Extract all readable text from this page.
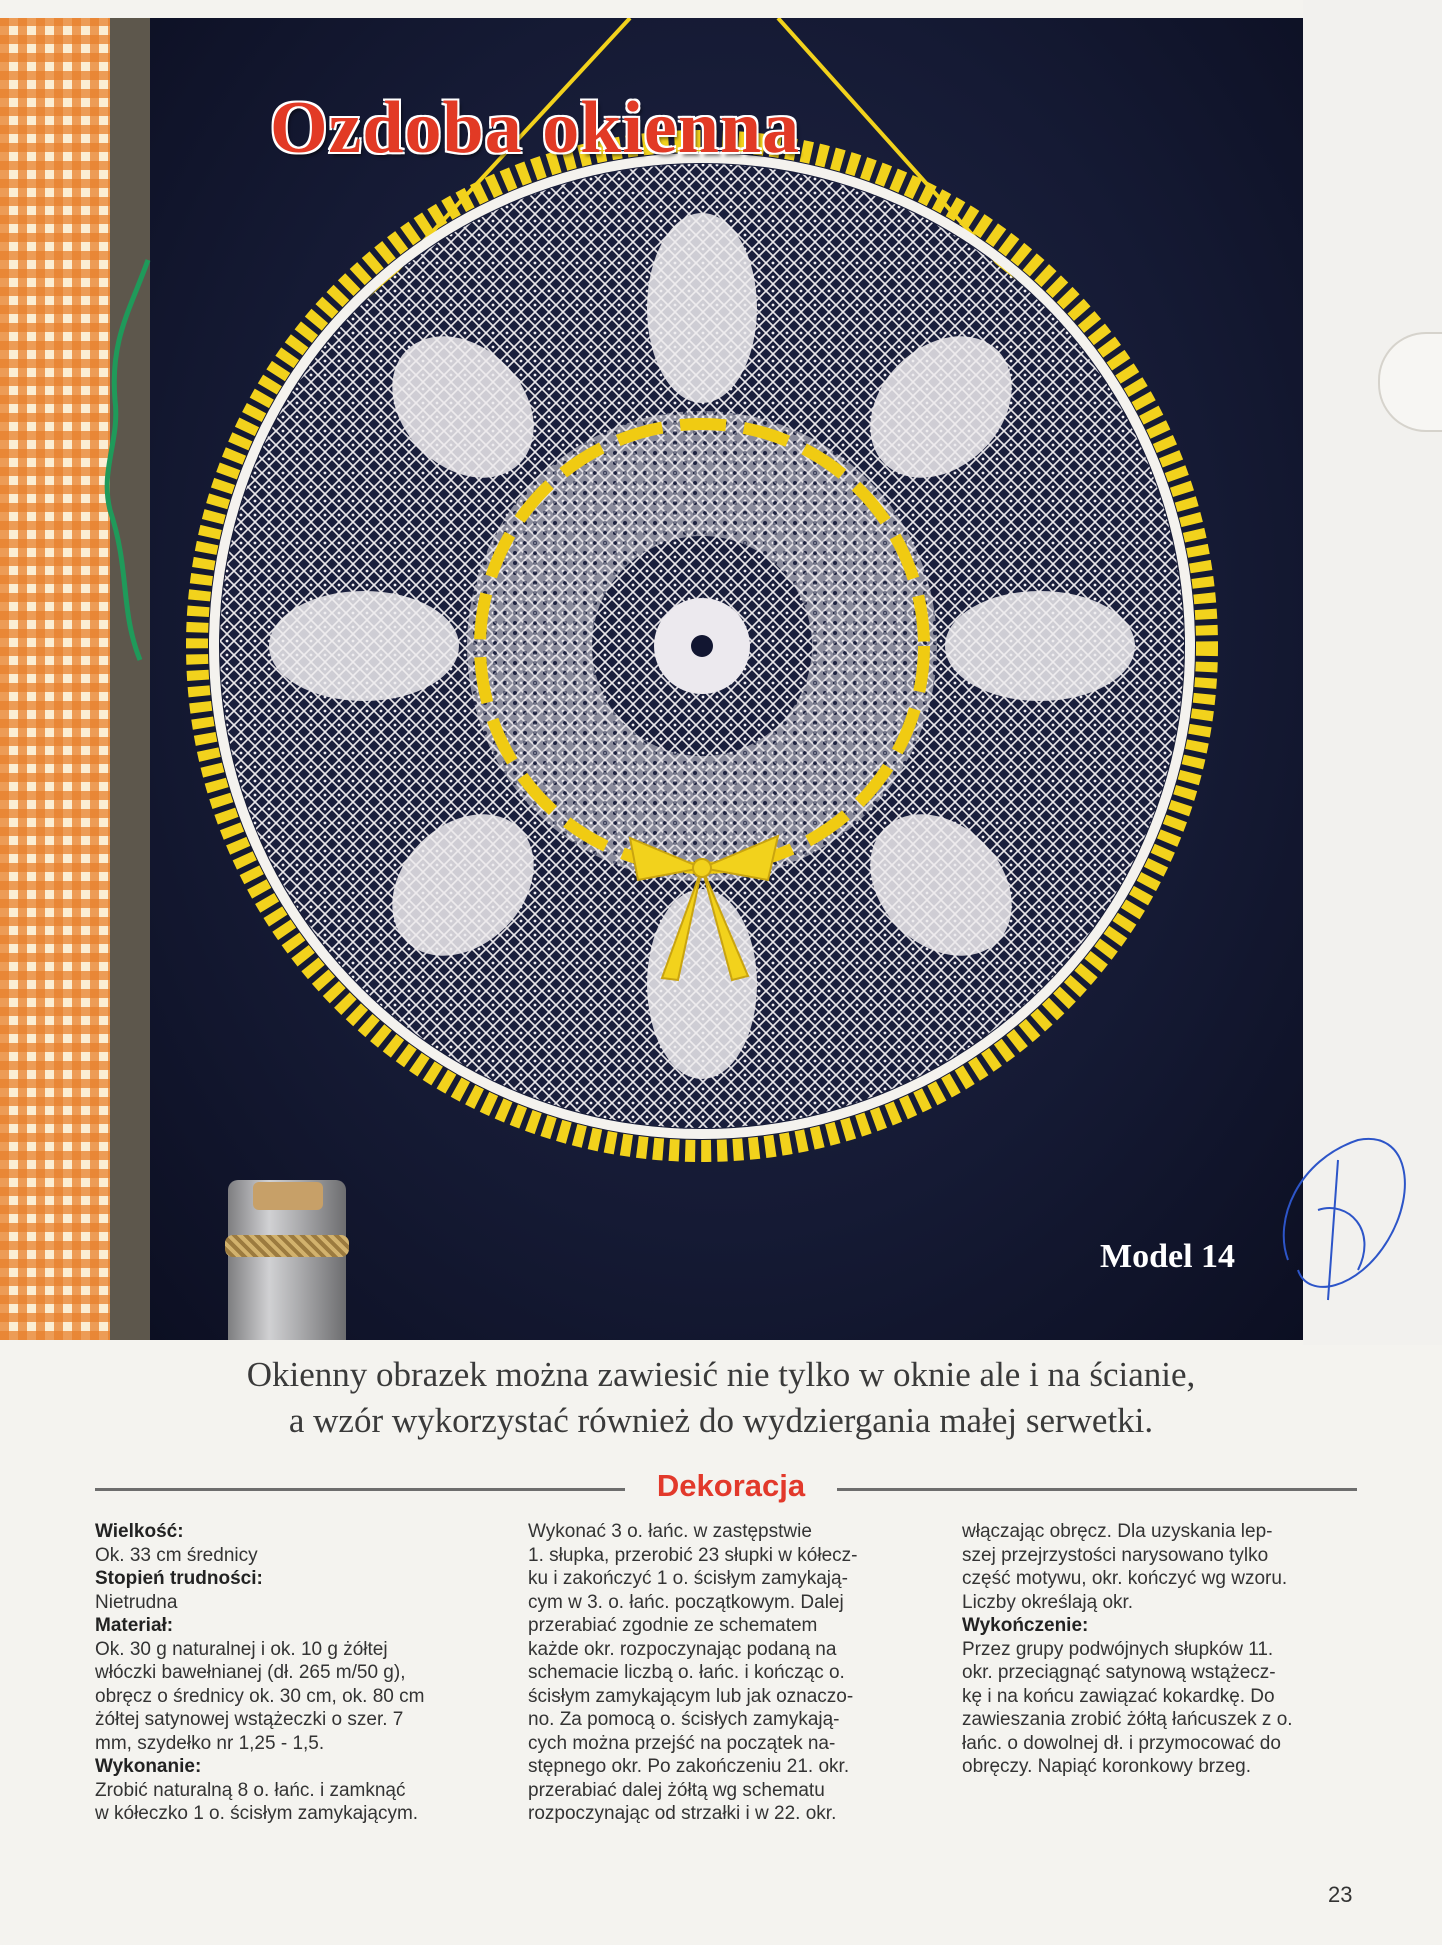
Ozdoba okienna
Model 14
Okienny obrazek można zawiesić nie tylko w oknie ale i na ścianie,
a wzór wykorzystać również do wydziergania małej serwetki.
Dekoracja

Wielkość:

Ok. 33 cm średnicy

Stopień trudności:

Nietrudna

Materiał:

Ok. 30 g naturalnej i ok. 10 g żółtej

włóczki bawełnianej (dł. 265 m/50 g),

obręcz o średnicy ok. 30 cm, ok. 80 cm

żółtej satynowej wstążeczki o szer. 7

mm, szydełko nr 1,25 - 1,5.

Wykonanie:

Zrobić naturalną 8 o. łańc. i zamknąć

w kółeczko 1 o. ścisłym zamykającym.

Wykonać 3 o. łańc. w zastępstwie

1. słupka, przerobić 23 słupki w kółecz-

ku i zakończyć 1 o. ścisłym zamykają-

cym w 3. o. łańc. początkowym. Dalej

przerabiać zgodnie ze schematem

każde okr. rozpoczynając podaną na

schemacie liczbą o. łańc. i kończąc o.

ścisłym zamykającym lub jak oznaczo-

no. Za pomocą o. ścisłych zamykają-

cych można przejść na początek na-

stępnego okr. Po zakończeniu 21. okr.

przerabiać dalej żółtą wg schematu

rozpoczynając od strzałki i w 22. okr.

włączając obręcz. Dla uzyskania lep-

szej przejrzystości narysowano tylko

część motywu, okr. kończyć wg wzoru.

Liczby określają okr.

Wykończenie:

Przez grupy podwójnych słupków 11.

okr. przeciągnąć satynową wstążecz-

kę i na końcu zawiązać kokardkę. Do

zawieszania zrobić żółtą łańcuszek z o.

łańc. o dowolnej dł. i przymocować do

obręczy. Napiąć koronkowy brzeg.

23
